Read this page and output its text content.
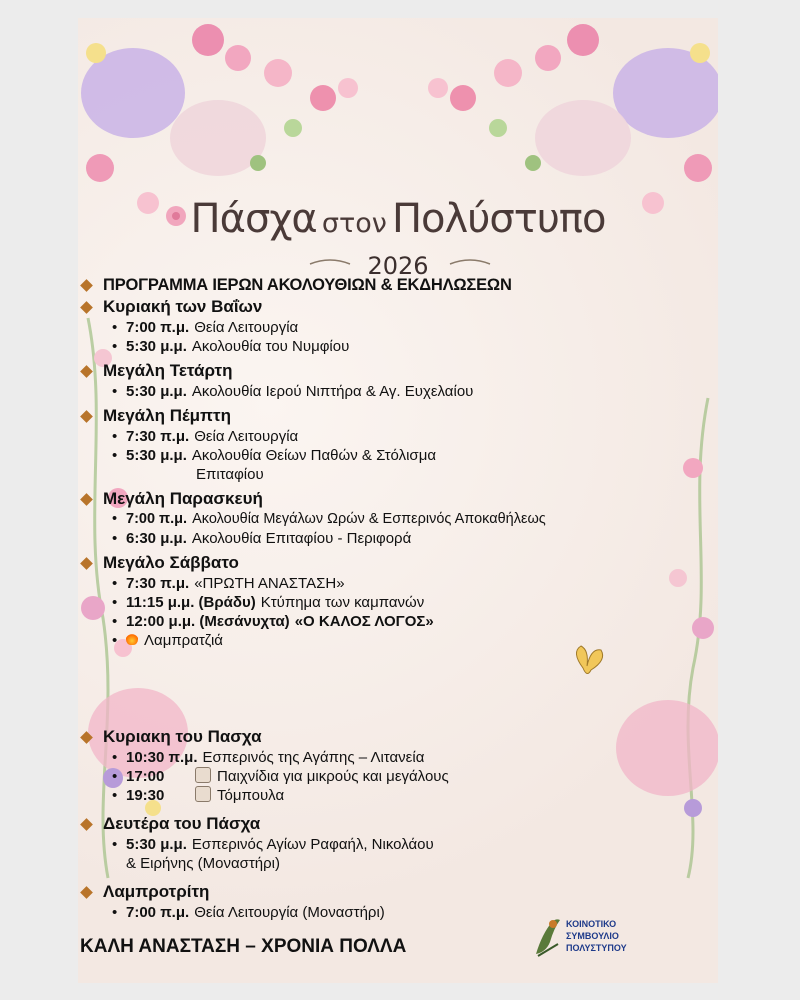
Πάσχα στον Πολύστυπο
2026
ΠΡΟΓΡΑΜΜΑ ΙΕΡΩΝ ΑΚΟΛΟΥΘΙΩΝ & ΕΚΔΗΛΩΣΕΩΝ
Κυριακή των Βαΐων
• 7:00 π.μ. Θεία Λειτουργία
• 5:30 μ.μ. Ακολουθία του Νυμφίου
Μεγάλη Τετάρτη
• 5:30 μ.μ. Ακολουθία Ιερού Νιπτήρα & Αγ. Ευχελαίου
Μεγάλη Πέμπτη
• 7:30 π.μ. Θεία Λειτουργία
• 5:30 μ.μ. Ακολουθία Θείων Παθών & Στόλισμα
Επιταφίου
Μεγάλη Παρασκευή
• 7:00 π.μ. Ακολουθία Μεγάλων Ωρών & Εσπερινός Αποκαθήλεως
• 6:30 μ.μ. Ακολουθία Επιταφίου - Περιφορά
Μεγάλο Σάββατο
• 7:30 π.μ. «ΠΡΩΤΗ ΑΝΑΣΤΑΣΗ»
• 11:15 μ.μ. (Βράδυ) Κτύπημα των καμπανών
• 12:00 μ.μ. (Μεσάνυχτα) «Ο ΚΑΛΟΣ ΛΟΓΟΣ»
•	Λαμπρατζιά
Κυριακη του Πασχα
• 10:30 π.μ. Εσπερινός της Αγάπης – Λιτανεία
• 17:00	Παιχνίδια για μικρούς και μεγάλους
• 19:30	Τόμπουλα
Δευτέρα του Πάσχα
• 5:30 μ.μ. Εσπερινός Αγίων Ραφαήλ, Νικολάου
& Ειρήνης (Μοναστήρι)
Λαμπροτρίτη
• 7:00 π.μ. Θεία Λειτουργία (Μοναστήρι)
ΚΑΛΗ ΑΝΑΣΤΑΣΗ – ΧΡΟΝΙΑ ΠΟΛΛΑ
ΚΟΙΝΟΤΙΚΟ
ΣΥΜΒΟΥΛΙΟ
ΠΟΛΥΣΤΥΠΟΥ
